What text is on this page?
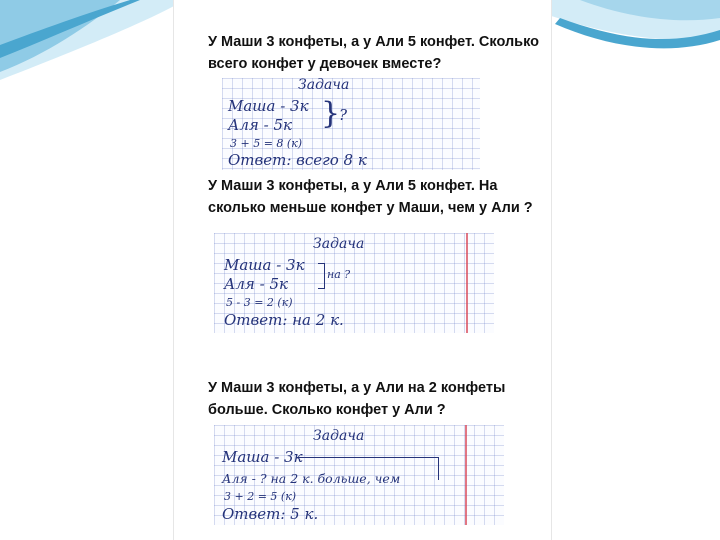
У Маши 3 конфеты, а у Али 5 конфет. Сколько
всего конфет у девочек вместе?
Задача
Маша - 3к
Аля - 5к }
?
3 + 5 = 8 (к)
Ответ: всего 8 к
У Маши 3 конфеты, а у Али 5 конфет. На
сколько меньше конфет у Маши, чем у Али ?
Задача
Маша - 3к
Аля - 5к
на ?
5 - 3 = 2 (к)
Ответ: на 2 к.
У Маши 3 конфеты, а у Али на 2 конфеты
больше. Сколько конфет у Али ?
Задача
Маша - 3к
Аля - ? на 2 к. больше, чем
3 + 2 = 5 (к)
Ответ: 5 к.
